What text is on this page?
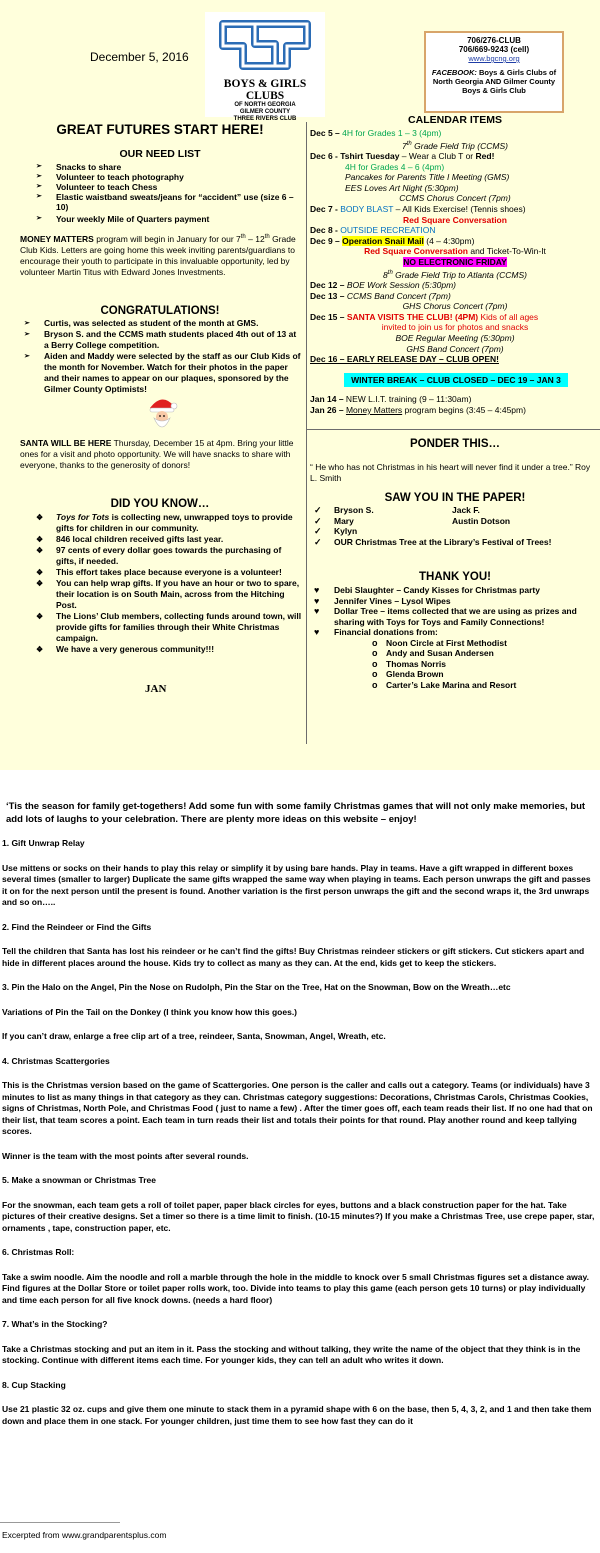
December 5, 2016
BOYS & GIRLS CLUBS
OF NORTH GEORGIA
GILMER COUNTY
THREE RIVERS CLUB
706/276-CLUB
706/669-9243 (cell)
www.bgcng.org
FACEBOOK: Boys & Girls Clubs of North Georgia AND Gilmer County Boys & Girls Club
GREAT FUTURES START HERE!
OUR NEED LIST
➢ Snacks to share
➢ Volunteer to teach photography
➢ Volunteer to teach Chess
➢ Elastic waistband sweats/jeans for “accident” use (size 6 – 10)
➢ Your weekly Mile of Quarters payment
MONEY MATTERS program will begin in January for our 7th – 12th Grade Club Kids. Letters are going home this week inviting parents/guardians to encourage their youth to participate in this invaluable opportunity, led by volunteer Martin Titus with Edward Jones Investments.
CONGRATULATIONS!
➢ Curtis, was selected as student of the month at GMS.
➢ Bryson S. and the CCMS math students placed 4th out of 13 at a Berry College competition.
➢ Aiden and Maddy were selected by the staff as our Club Kids of the month for November. Watch for their photos in the paper and their names to appear on our plaques, sponsored by the Gilmer County Optimists!
SANTA WILL BE HERE Thursday, December 15 at 4pm. Bring your little ones for a visit and photo opportunity. We will have snacks to share with everyone, thanks to the generosity of donors!
DID YOU KNOW…
❖ Toys for Tots is collecting new, unwrapped toys to provide gifts for children in our community.
❖ 846 local children received gifts last year.
❖ 97 cents of every dollar goes towards the purchasing of gifts, if needed.
❖ This effort takes place because everyone is a volunteer!
❖ You can help wrap gifts. If you have an hour or two to spare, their location is on South Main, across from the Hitching Post.
❖ The Lions’ Club members, collecting funds around town, will provide gifts for families through their White Christmas campaign.
❖ We have a very generous community!!!
JAN
CALENDAR ITEMS
Dec 5 – 4H for Grades 1 – 3 (4pm)
7th Grade Field Trip (CCMS)
Dec 6 - Tshirt Tuesday – Wear a Club T or Red!
4H for Grades 4 – 6 (4pm)
Pancakes for Parents Title I Meeting (GMS)
EES Loves Art Night (5:30pm)
CCMS Chorus Concert (7pm)
Dec 7 - BODY BLAST – All Kids Exercise! (Tennis shoes)
Red Square Conversation
Dec 8 - OUTSIDE RECREATION
Dec 9 – Operation Snail Mail (4 – 4:30pm)
Red Square Conversation and Ticket-To-Win-It
NO ELECTRONIC FRIDAY
8th Grade Field Trip to Atlanta (CCMS)
Dec 12 – BOE Work Session (5:30pm)
Dec 13 – CCMS Band Concert (7pm)
GHS Chorus Concert (7pm)
Dec 15 – SANTA VISITS THE CLUB! (4PM) Kids of all ages
invited to join us for photos and snacks
BOE Regular Meeting (5:30pm)
GHS Band Concert (7pm)
Dec 16 – EARLY RELEASE DAY – CLUB OPEN!
WINTER BREAK – CLUB CLOSED – DEC 19 – JAN 3
Jan 14 – NEW L.I.T. training (9 – 11:30am)
Jan 26 – Money Matters program begins (3:45 – 4:45pm)
PONDER THIS…
“ He who has not Christmas in his heart will never find it under a tree.” Roy L. Smith
SAW YOU IN THE PAPER!
✓ Bryson S.	Jack F.
✓ Mary	Austin Dotson
✓ Kylyn
✓ OUR Christmas Tree at the Library’s Festival of Trees!
THANK YOU!
♥ Debi Slaughter – Candy Kisses for Christmas party
♥ Jennifer Vines – Lysol Wipes
♥ Dollar Tree – items collected that we are using as prizes and sharing with Toys for Toys and Family Connections!
♥ Financial donations from:
o Noon Circle at First Methodist
o Andy and Susan Andersen
o Thomas Norris
o Glenda Brown
o Carter’s Lake Marina and Resort

‘Tis the season for family get-togethers! Add some fun with some family Christmas games that will not only make memories, but add lots of laughs to your celebration. There are plenty more ideas on this website – enjoy!

1. Gift Unwrap Relay

Use mittens or socks on their hands to play this relay or simplify it by using bare hands. Play in teams. Have a gift wrapped in different boxes several times (smaller to larger) Duplicate the same gifts wrapped the same way when playing in teams. Each person unwraps the gift and passes it on for the next person until the present is found. Another variation is the first person unwraps the gift and the second wraps it, the 3rd unwraps and so on…..

2. Find the Reindeer or Find the Gifts

Tell the children that Santa has lost his reindeer or he can’t find the gifts! Buy Christmas reindeer stickers or gift stickers. Cut stickers apart and hide in different places around the house. Kids try to collect as many as they can. At the end, kids get to keep the stickers.

3. Pin the Halo on the Angel, Pin the Nose on Rudolph, Pin the Star on the Tree, Hat on the Snowman, Bow on the Wreath…etc

Variations of Pin the Tail on the Donkey (I think you know how this goes.)

If you can’t draw, enlarge a free clip art of a tree, reindeer, Santa, Snowman, Angel, Wreath, etc.

4. Christmas Scattergories

This is the Christmas version based on the game of Scattergories. One person is the caller and calls out a category. Teams (or individuals) have 3 minutes to list as many things in that category as they can. Christmas category suggestions: Decorations, Christmas Carols, Christmas Cookies, signs of Christmas, North Pole, and Christmas Food ( just to name a few) . After the timer goes off, each team reads their list. If no one had that on their list, that team scores a point. Each team in turn reads their list and totals their points for that round. Play another round and keep tallying scores.

Winner is the team with the most points after several rounds.

5. Make a snowman or Christmas Tree

For the snowman, each team gets a roll of toilet paper, paper black circles for eyes, buttons and a black construction paper for the hat. Take pictures of their creative designs. Set a timer so there is a time limit to finish. (10-15 minutes?) If you make a Christmas Tree, use crepe paper, star, ornaments , tape, construction paper, etc.

6. Christmas Roll:

Take a swim noodle. Aim the noodle and roll a marble through the hole in the middle to knock over 5 small Christmas figures set a distance away. Find figures at the Dollar Store or toilet paper rolls work, too. Divide into teams to play this game (each person gets 10 turns) or play individually and time each person for all five knock downs. (needs a hard floor)

7. What’s in the Stocking?

Take a Christmas stocking and put an item in it. Pass the stocking and without talking, they write the name of the object that they think is in the stocking. Continue with different items each time. For younger kids, they can tell an adult who writes it down.

8. Cup Stacking

Use 21 plastic 32 oz. cups and give them one minute to stack them in a pyramid shape with 6 on the base, then 5, 4, 3, 2, and 1 and then take them down and place them in one stack. For younger children, just time them to see how fast they can do it

Excerpted from www.grandparentsplus.com
